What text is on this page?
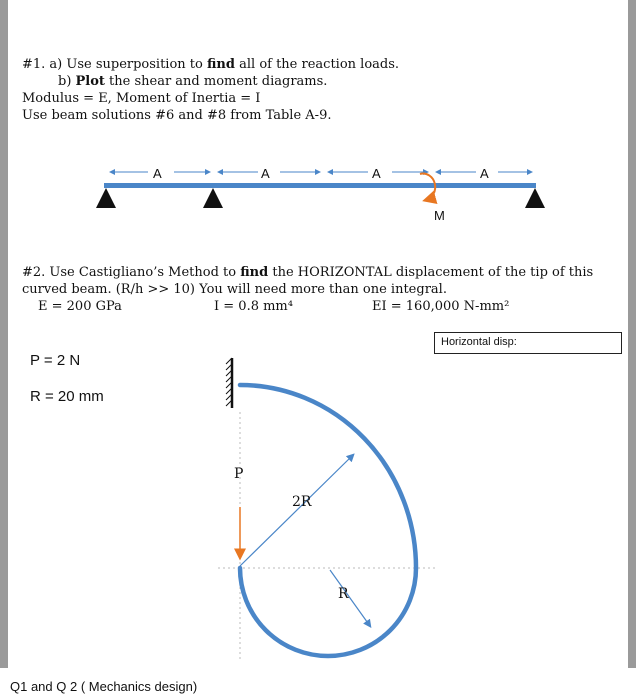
#1. a) Use superposition to find all of the reaction loads.
b) Plot the shear and moment diagrams.
Modulus = E, Moment of Inertia = I
Use beam solutions #6 and #8 from Table A-9.
A	A	A	A
M
#2. Use Castigliano’s Method to find the HORIZONTAL displacement of the tip of this
curved beam. (R/h >> 10) You will need more than one integral.
E = 200 GPa	I = 0.8 mm⁴	EI = 160,000 N-mm²
Horizontal disp:
P = 2 N
R = 20 mm
P
2R
R
Q1 and Q 2 ( Mechanics design)
